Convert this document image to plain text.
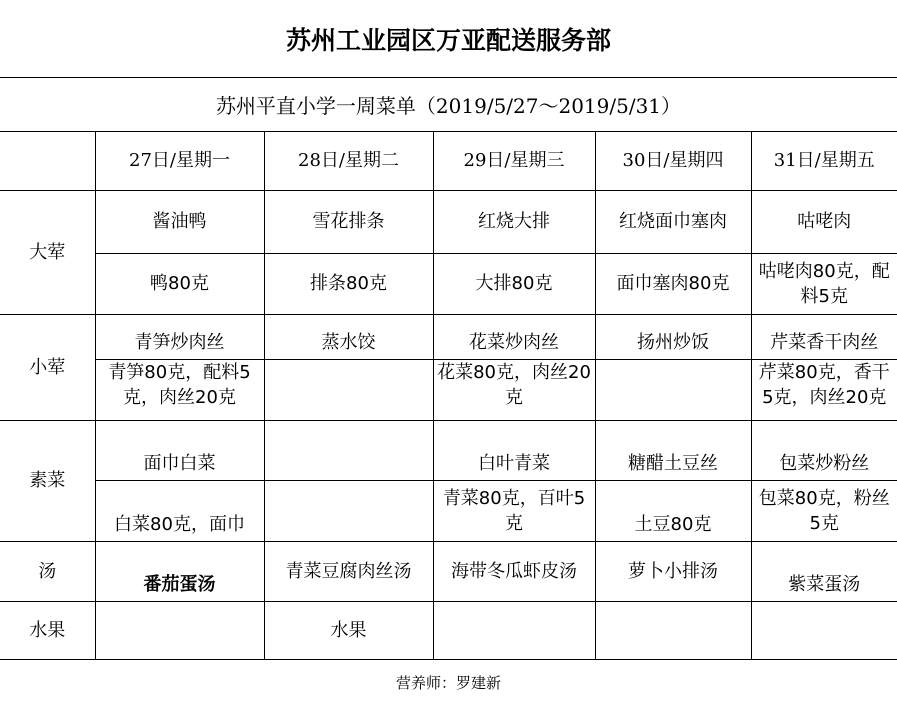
苏州工业园区万亚配送服务部
苏州平直小学一周菜单（2019/5/27～2019/5/31）
	27日/星期一	28日/星期二	29日/星期三	30日/星期四	31日/星期五
大荤	酱油鸭	雪花排条	红烧大排	红烧面巾塞肉	咕咾肉
	鸭80克	排条80克	大排80克	面巾塞肉80克	咕咾肉80克，配料5克
小荤	青笋炒肉丝	蒸水饺	花菜炒肉丝	扬州炒饭	芹菜香干肉丝
	青笋80克，配料5克，肉丝20克		花菜80克，肉丝20克		芹菜80克，香干5克，肉丝20克
素菜	面巾白菜		白叶青菜	糖醋土豆丝	包菜炒粉丝
	白菜80克，面巾		青菜80克，百叶5克	土豆80克	包菜80克，粉丝5克
汤	番茄蛋汤	青菜豆腐肉丝汤	海带冬瓜虾皮汤	萝卜小排汤	紫菜蛋汤
水果		水果			
营养师：罗建新
